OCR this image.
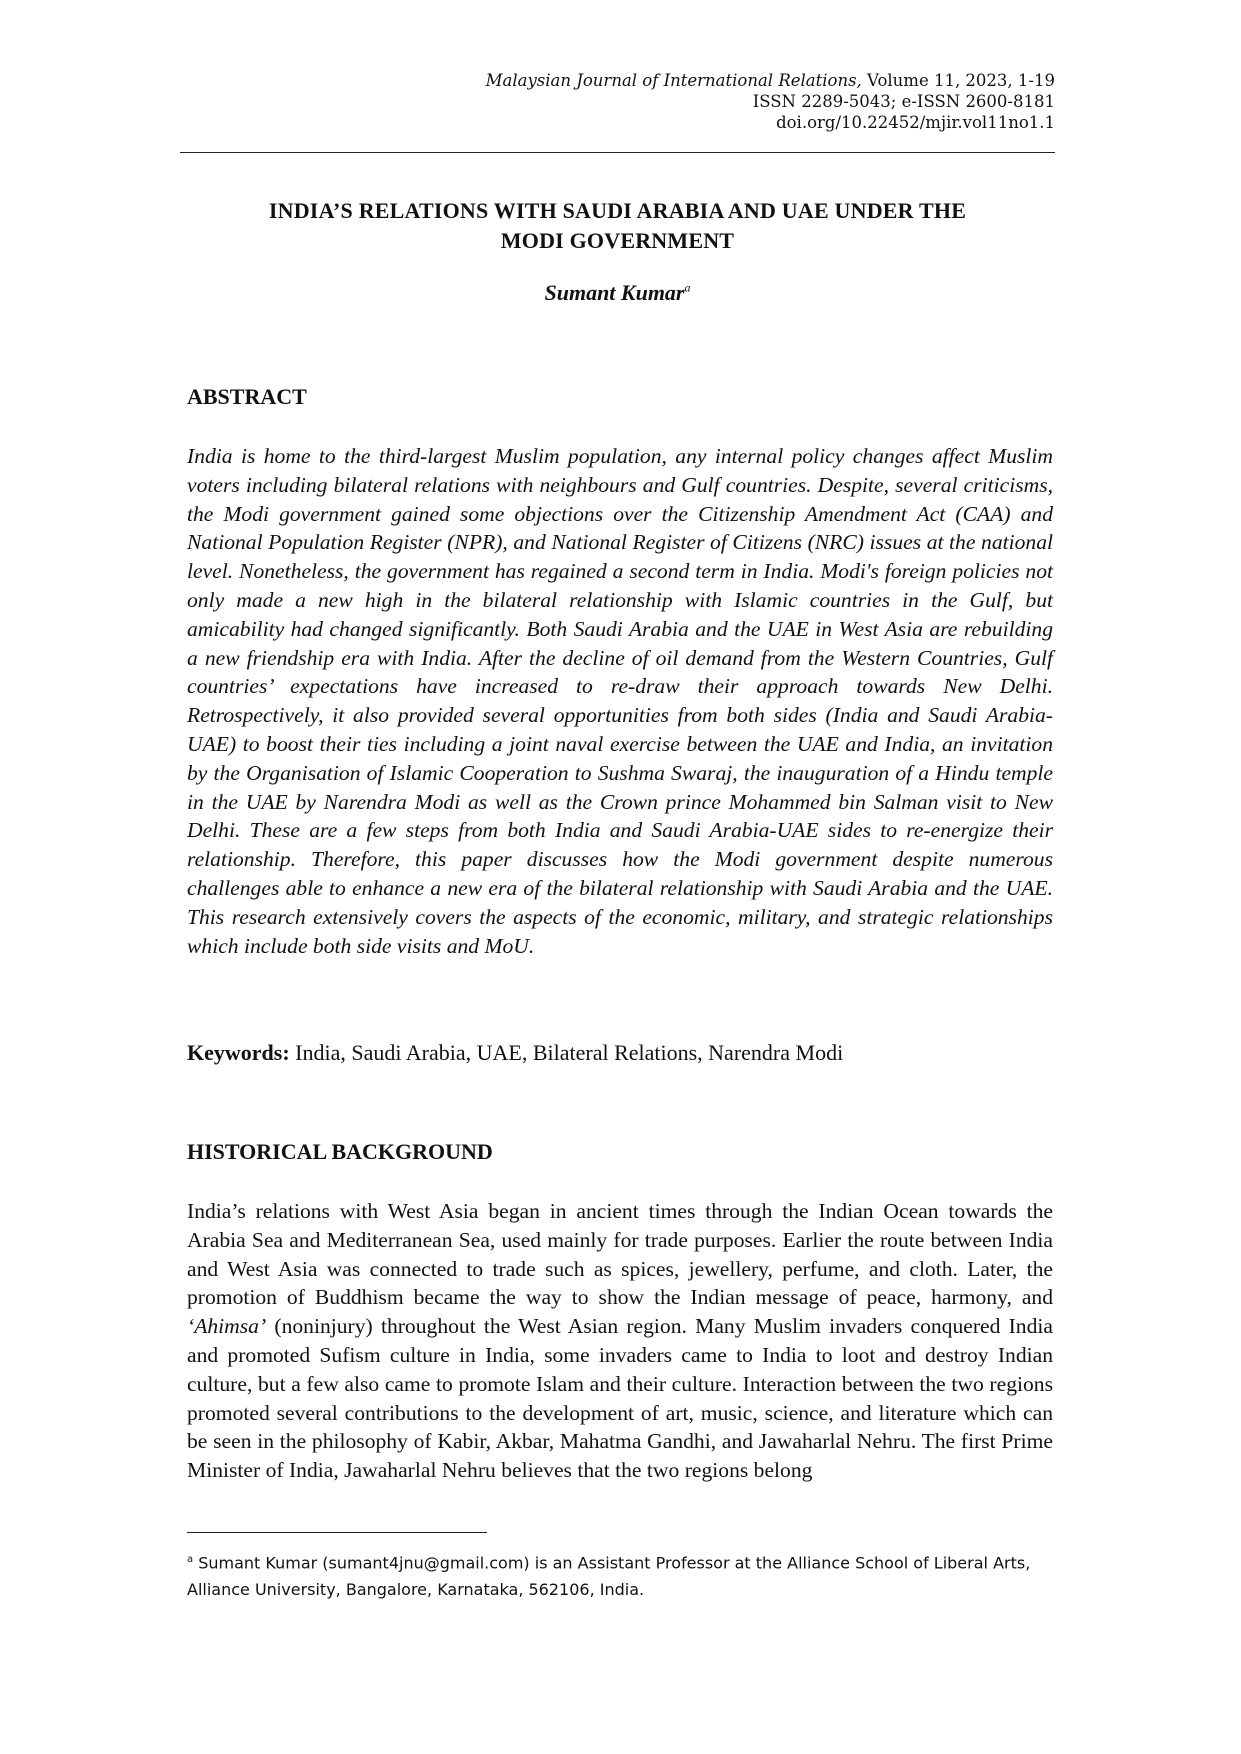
Malaysian Journal of International Relations, Volume 11, 2023, 1-19
ISSN 2289-5043; e-ISSN 2600-8181
doi.org/10.22452/mjir.vol11no1.1
INDIA’S RELATIONS WITH SAUDI ARABIA AND UAE UNDER THE
MODI GOVERNMENT
Sumant Kumar$^a$
ABSTRACT

India is home to the third-largest Muslim population, any internal policy changes affect Muslim voters including bilateral relations with neighbours and Gulf countries. Despite, several criticisms, the Modi government gained some objections over the Citizenship Amendment Act (CAA) and National Population Register (NPR), and National Register of Citizens (NRC) issues at the national level. Nonetheless, the government has regained a second term in India. Modi's foreign policies not only made a new high in the bilateral relationship with Islamic countries in the Gulf, but amicability had changed significantly. Both Saudi Arabia and the UAE in West Asia are rebuilding a new friendship era with India. After the decline of oil demand from the Western Countries, Gulf countries’ expectations have increased to re-draw their approach towards New Delhi. Retrospectively, it also provided several opportunities from both sides (India and Saudi Arabia-UAE) to boost their ties including a joint naval exercise between the UAE and India, an invitation by the Organisation of Islamic Cooperation to Sushma Swaraj, the inauguration of a Hindu temple in the UAE by Narendra Modi as well as the Crown prince Mohammed bin Salman visit to New Delhi. These are a few steps from both India and Saudi Arabia-UAE sides to re-energize their relationship. Therefore, this paper discusses how the Modi government despite numerous challenges able to enhance a new era of the bilateral relationship with Saudi Arabia and the UAE. This research extensively covers the aspects of the economic, military, and strategic relationships which include both side visits and MoU.

Keywords: India, Saudi Arabia, UAE, Bilateral Relations, Narendra Modi
HISTORICAL BACKGROUND

India’s relations with West Asia began in ancient times through the Indian Ocean towards the Arabia Sea and Mediterranean Sea, used mainly for trade purposes. Earlier the route between India and West Asia was connected to trade such as spices, jewellery, perfume, and cloth. Later, the promotion of Buddhism became the way to show the Indian message of peace, harmony, and ‘Ahimsa’ (noninjury) throughout the West Asian region. Many Muslim invaders conquered India and promoted Sufism culture in India, some invaders came to India to loot and destroy Indian culture, but a few also came to promote Islam and their culture. Interaction between the two regions promoted several contributions to the development of art, music, science, and literature which can be seen in the philosophy of Kabir, Akbar, Mahatma Gandhi, and Jawaharlal Nehru. The first Prime Minister of India, Jawaharlal Nehru believes that the two regions belong

$^a$ Sumant Kumar (sumant4jnu@gmail.com) is an Assistant Professor at the Alliance School of Liberal Arts, Alliance University, Bangalore, Karnataka, 562106, India.
